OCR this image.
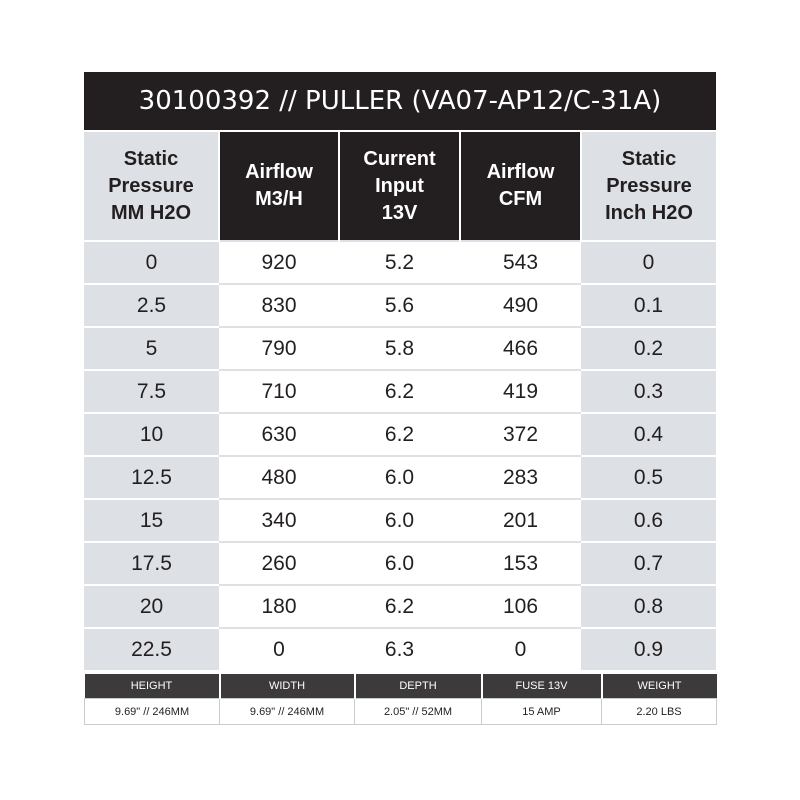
30100392 // PULLER (VA07-AP12/C-31A)
Static
Pressure
MM H2O	Airflow
M3/H	Current
Input
13V	Airflow
CFM	Static
Pressure
Inch H2O

0	920	5.2	543	0
2.5	830	5.6	490	0.1
5	790	5.8	466	0.2
7.5	710	6.2	419	0.3
10	630	6.2	372	0.4
12.5	480	6.0	283	0.5
15	340	6.0	201	0.6
17.5	260	6.0	153	0.7
20	180	6.2	106	0.8
22.5	0	6.3	0	0.9
HEIGHT	WIDTH	DEPTH	FUSE 13V	WEIGHT
9.69" // 246MM	9.69" // 246MM	2.05" // 52MM	15 AMP	2.20 LBS
